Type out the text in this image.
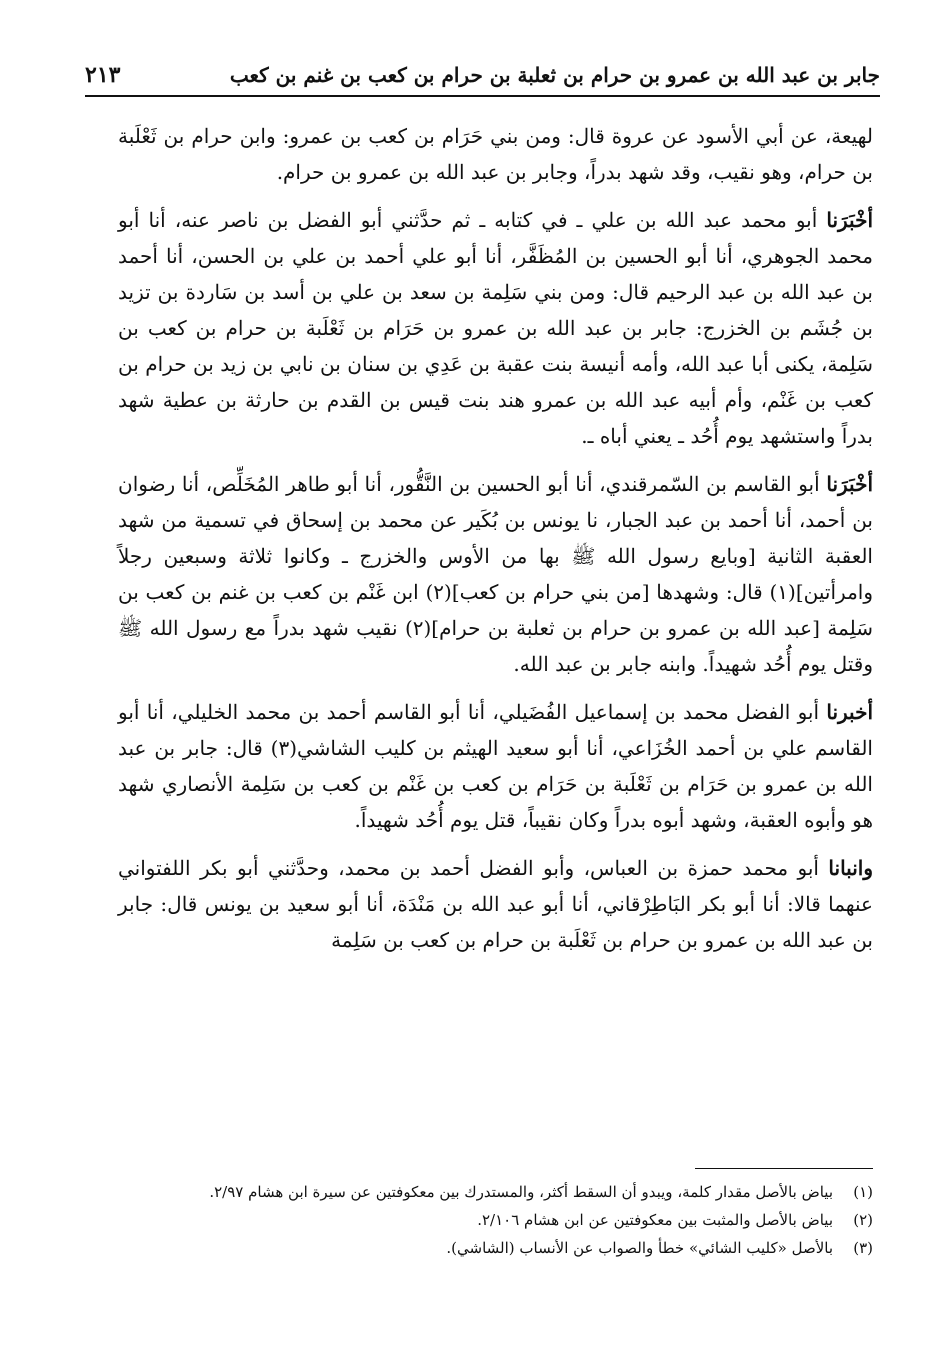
جابر بن عبد الله بن عمرو بن حرام بن ثعلبة بن حرام بن كعب بن غنم بن كعب
٢١٣

لهيعة، عن أبي الأسود عن عروة قال: ومن بني حَرَام بن كعب بن عمرو: وابن حرام بن ثَعْلَبة بن حرام، وهو نقيب، وقد شهد بدراً، وجابر بن عبد الله بن عمرو بن حرام.

أخْبَرَنا أبو محمد عبد الله بن علي ـ في كتابه ـ ثم حدَّثني أبو الفضل بن ناصر عنه، أنا أبو محمد الجوهري، أنا أبو الحسين بن المُظَفَّر، أنا أبو علي أحمد بن علي بن الحسن، أنا أحمد بن عبد الله بن عبد الرحيم قال: ومن بني سَلِمة بن سعد بن علي بن أسد بن سَاردة بن تزيد بن جُشَم بن الخزرج: جابر بن عبد الله بن عمرو بن حَرَام بن ثَعْلَبة بن حرام بن كعب بن سَلِمة، يكنى أبا عبد الله، وأمه أنيسة بنت عقبة بن عَدِي بن سنان بن نابي بن زيد بن حرام بن كعب بن غَنْم، وأم أبيه عبد الله بن عمرو هند بنت قيس بن القدم بن حارثة بن عطية شهد بدراً واستشهد يوم أُحُد ـ يعني أباه ـ.

أخْبَرَنا أبو القاسم بن السّمرقندي، أنا أبو الحسين بن النَّقُّور، أنا أبو طاهر المُخَلِّص، أنا رضوان بن أحمد، أنا أحمد بن عبد الجبار، نا يونس بن بُكَير عن محمد بن إسحاق في تسمية من شهد العقبة الثانية [وبايع رسول الله ﷺ بها من الأوس والخزرج ـ وكانوا ثلاثة وسبعين رجلاً وامرأتين](١) قال: وشهدها [من بني حرام بن كعب](٢) ابن غَنْم بن كعب بن غنم بن كعب بن سَلِمة [عبد الله بن عمرو بن حرام بن ثعلبة بن حرام](٢) نقيب شهد بدراً مع رسول الله ﷺ وقتل يوم أُحُد شهيداً. وابنه جابر بن عبد الله.

أخبرنا أبو الفضل محمد بن إسماعيل الفُضَيلي، أنا أبو القاسم أحمد بن محمد الخليلي، أنا أبو القاسم علي بن أحمد الخُزَاعي، أنا أبو سعيد الهيثم بن كليب الشاشي(٣) قال: جابر بن عبد الله بن عمرو بن حَرَام بن ثَعْلَبة بن حَرَام بن كعب بن غَنْم بن كعب بن سَلِمة الأنصاري شهد هو وأبوه العقبة، وشهد أبوه بدراً وكان نقيباً، قتل يوم أُحُد شهيداً.

وانبانا أبو محمد حمزة بن العباس، وأبو الفضل أحمد بن محمد، وحدَّثني أبو بكر اللفتواني عنهما قالا: أنا أبو بكر البَاطِرْقاني، أنا أبو عبد الله بن مَنْدَة، أنا أبو سعيد بن يونس قال: جابر بن عبد الله بن عمرو بن حرام بن ثَعْلَبة بن حرام بن كعب بن سَلِمة

(١)
بياض بالأصل مقدار كلمة، ويبدو أن السقط أكثر، والمستدرك بين معكوفتين عن سيرة ابن هشام ٢/٩٧.
(٢)
بياض بالأصل والمثبت بين معكوفتين عن ابن هشام ٢/١٠٦.
(٣)
بالأصل «كليب الشائي» خطأ والصواب عن الأنساب (الشاشي).
